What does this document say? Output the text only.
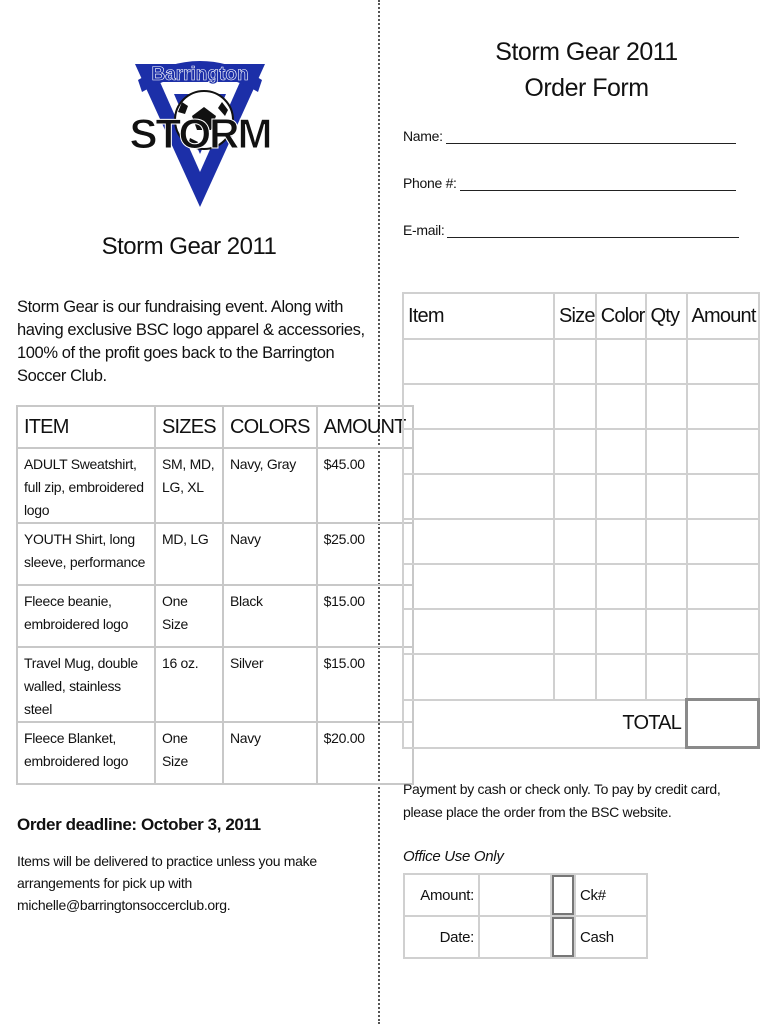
Barrington
STORM
Storm Gear 2011
Storm Gear is our fundraising event. Along with having exclusive BSC logo apparel & accessories, 100% of the profit goes back to the Barrington Soccer Club.
ITEM	SIZES	COLORS	AMOUNT
ADULT Sweatshirt, full zip, embroidered logo	SM, MD, LG, XL	Navy, Gray	$45.00
YOUTH Shirt, long sleeve, performance	MD, LG	Navy	$25.00
Fleece beanie, embroidered logo	One Size	Black	$15.00
Travel Mug, double walled, stainless steel	16 oz.	Silver	$15.00
Fleece Blanket, embroidered logo	One Size	Navy	$20.00
Order deadline: October 3, 2011
Items will be delivered to practice unless you make arrangements for pick up with michelle@barringtonsoccerclub.org.
Storm Gear 2011
Order Form
Name:
Phone #:
E-mail:
Item	Size	Color	Qty	Amount

TOTAL				
Payment by cash or check only. To pay by credit card, please place the order from the BSC website.
Office Use Only
Amount:			Ck#
Date:			Cash
